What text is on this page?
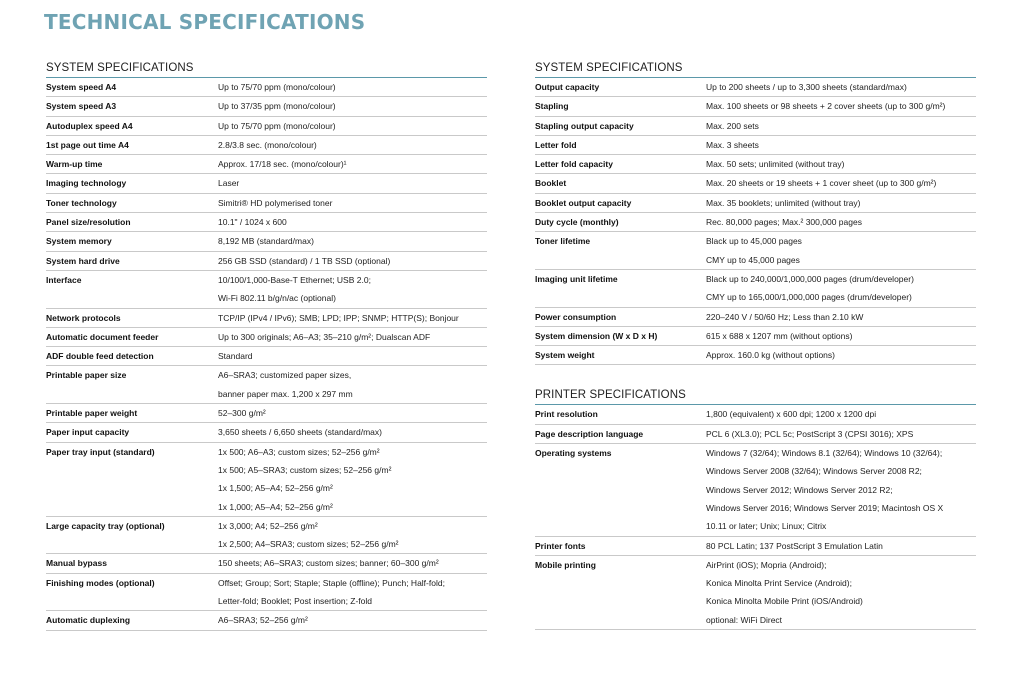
TECHNICAL SPECIFICATIONS
SYSTEM SPECIFICATIONS
System speed A4	Up to 75/70 ppm (mono/colour)
System speed A3	Up to 37/35 ppm (mono/colour)
Autoduplex speed A4	Up to 75/70 ppm (mono/colour)
1st page out time A4	2.8/3.8 sec. (mono/colour)
Warm-up time	Approx. 17/18 sec. (mono/colour)¹
Imaging technology	Laser
Toner technology	Simitri® HD polymerised toner
Panel size/resolution	10.1" / 1024 x 600
System memory	8,192 MB (standard/max)
System hard drive	256 GB SSD (standard) / 1 TB SSD (optional)
Interface	10/100/1,000-Base-T Ethernet; USB 2.0;
Wi-Fi 802.11 b/g/n/ac (optional)
Network protocols	TCP/IP (IPv4 / IPv6); SMB; LPD; IPP; SNMP; HTTP(S); Bonjour
Automatic document feeder	Up to 300 originals; A6–A3; 35–210 g/m²; Dualscan ADF
ADF double feed detection	Standard
Printable paper size	A6–SRA3; customized paper sizes,
banner paper max. 1,200 x 297 mm
Printable paper weight	52–300 g/m²
Paper input capacity	3,650 sheets / 6,650 sheets (standard/max)
Paper tray input (standard)	1x 500; A6–A3; custom sizes; 52–256 g/m²
1x 500; A5–SRA3; custom sizes; 52–256 g/m²
1x 1,500; A5–A4; 52–256 g/m²
1x 1,000; A5–A4; 52–256 g/m²
Large capacity tray (optional)	1x 3,000; A4; 52–256 g/m²
1x 2,500; A4–SRA3; custom sizes; 52–256 g/m²
Manual bypass	150 sheets; A6–SRA3; custom sizes; banner; 60–300 g/m²
Finishing modes (optional)	Offset; Group; Sort; Staple; Staple (offline); Punch; Half-fold;
Letter-fold; Booklet; Post insertion; Z-fold
Automatic duplexing	A6–SRA3; 52–256 g/m²
SYSTEM SPECIFICATIONS
Output capacity	Up to 200 sheets / up to 3,300 sheets (standard/max)
Stapling	Max. 100 sheets or 98 sheets + 2 cover sheets (up to 300 g/m²)
Stapling output capacity	Max. 200 sets
Letter fold	Max. 3 sheets
Letter fold capacity	Max. 50 sets; unlimited (without tray)
Booklet	Max. 20 sheets or 19 sheets + 1 cover sheet (up to 300 g/m²)
Booklet output capacity	Max. 35 booklets; unlimited (without tray)
Duty cycle (monthly)	Rec. 80,000 pages; Max.² 300,000 pages
Toner lifetime	Black up to 45,000 pages
CMY up to 45,000 pages
Imaging unit lifetime	Black up to 240,000/1,000,000 pages (drum/developer)
CMY up to 165,000/1,000,000 pages (drum/developer)
Power consumption	220–240 V / 50/60 Hz; Less than 2.10 kW
System dimension (W x D x H)	615 x 688 x 1207 mm (without options)
System weight	Approx. 160.0 kg (without options)
PRINTER SPECIFICATIONS
Print resolution	1,800 (equivalent) x 600 dpi; 1200 x 1200 dpi
Page description language	PCL 6 (XL3.0); PCL 5c; PostScript 3 (CPSI 3016); XPS
Operating systems	Windows 7 (32/64); Windows 8.1 (32/64); Windows 10 (32/64);
Windows Server 2008 (32/64); Windows Server 2008 R2;
Windows Server 2012; Windows Server 2012 R2;
Windows Server 2016; Windows Server 2019; Macintosh OS X
10.11 or later; Unix; Linux; Citrix
Printer fonts	80 PCL Latin; 137 PostScript 3 Emulation Latin
Mobile printing	AirPrint (iOS); Mopria (Android);
Konica Minolta Print Service (Android);
Konica Minolta Mobile Print (iOS/Android)
optional: WiFi Direct
